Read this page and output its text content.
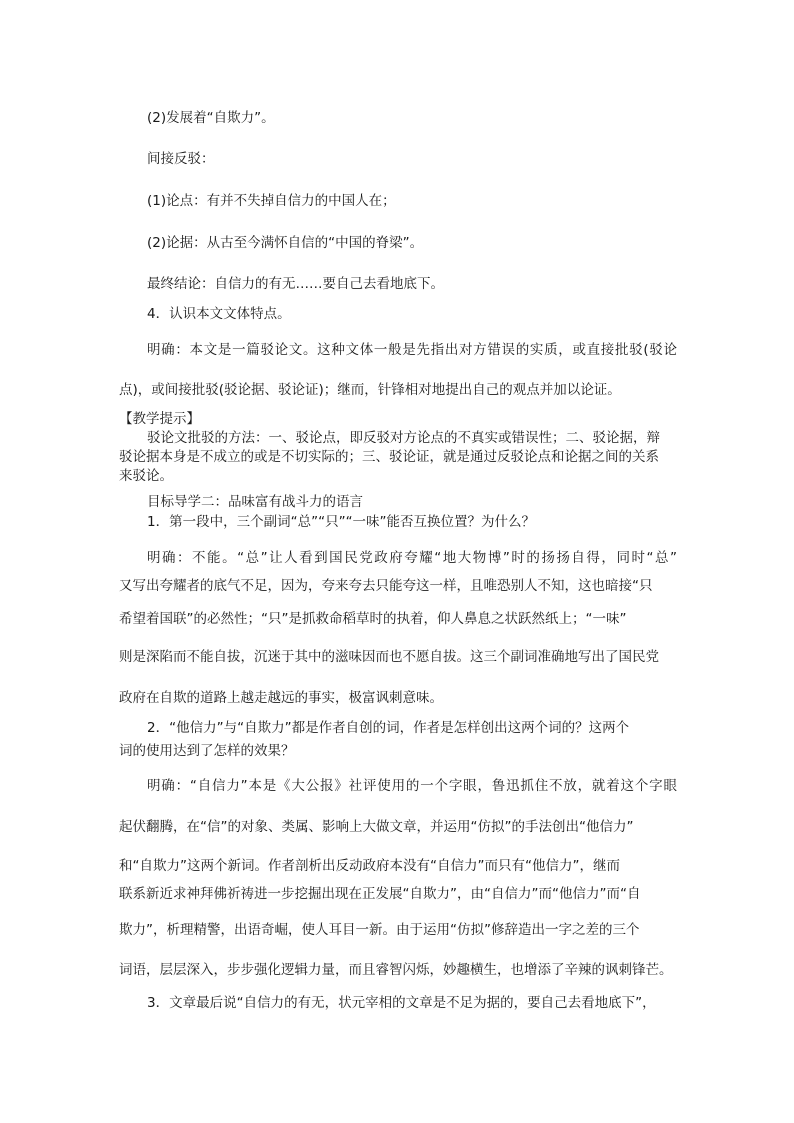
(2)发展着“自欺力”。

间接反驳：

(1)论点：有并不失掉自信力的中国人在；

(2)论据：从古至今满怀自信的“中国的脊梁”。

最终结论：自信力的有无……要自己去看地底下。

4．认识本文文体特点。

明确：本文是一篇驳论文。这种文体一般是先指出对方错误的实质，或直接批驳(驳论

点)，或间接批驳(驳论据、驳论证)；继而，针锋相对地提出自己的观点并加以论证。

【教学提示】

驳论文批驳的方法：一、驳论点，即反驳对方论点的不真实或错误性；二、驳论据，辩

驳论据本身是不成立的或是不切实际的；三、驳论证，就是通过反驳论点和论据之间的关系

来驳论。

目标导学二：品味富有战斗力的语言

1．第一段中，三个副词“总”“只”“一味”能否互换位置？为什么？

明确：不能。“总”让人看到国民党政府夸耀“地大物博”时的扬扬自得，同时“总”

又写出夸耀者的底气不足，因为，夸来夸去只能夸这一样，且唯恐别人不知，这也暗接“只

希望着国联”的必然性；“只”是抓救命稻草时的执着，仰人鼻息之状跃然纸上；“一味”

则是深陷而不能自拔，沉迷于其中的滋味因而也不愿自拔。这三个副词准确地写出了国民党

政府在自欺的道路上越走越远的事实，极富讽刺意味。

2．“他信力”与“自欺力”都是作者自创的词，作者是怎样创出这两个词的？这两个

词的使用达到了怎样的效果？

明确：“自信力”本是《大公报》社评使用的一个字眼，鲁迅抓住不放，就着这个字眼

起伏翻腾，在“信”的对象、类属、影响上大做文章，并运用“仿拟”的手法创出“他信力”

和“自欺力”这两个新词。作者剖析出反动政府本没有“自信力”而只有“他信力”，继而

联系新近求神拜佛祈祷进一步挖掘出现在正发展“自欺力”，由“自信力”而“他信力”而“自

欺力”，析理精警，出语奇崛，使人耳目一新。由于运用“仿拟”修辞造出一字之差的三个

词语，层层深入，步步强化逻辑力量，而且睿智闪烁，妙趣横生，也增添了辛辣的讽刺锋芒。

3．文章最后说“自信力的有无，状元宰相的文章是不足为据的，要自己去看地底下”，
